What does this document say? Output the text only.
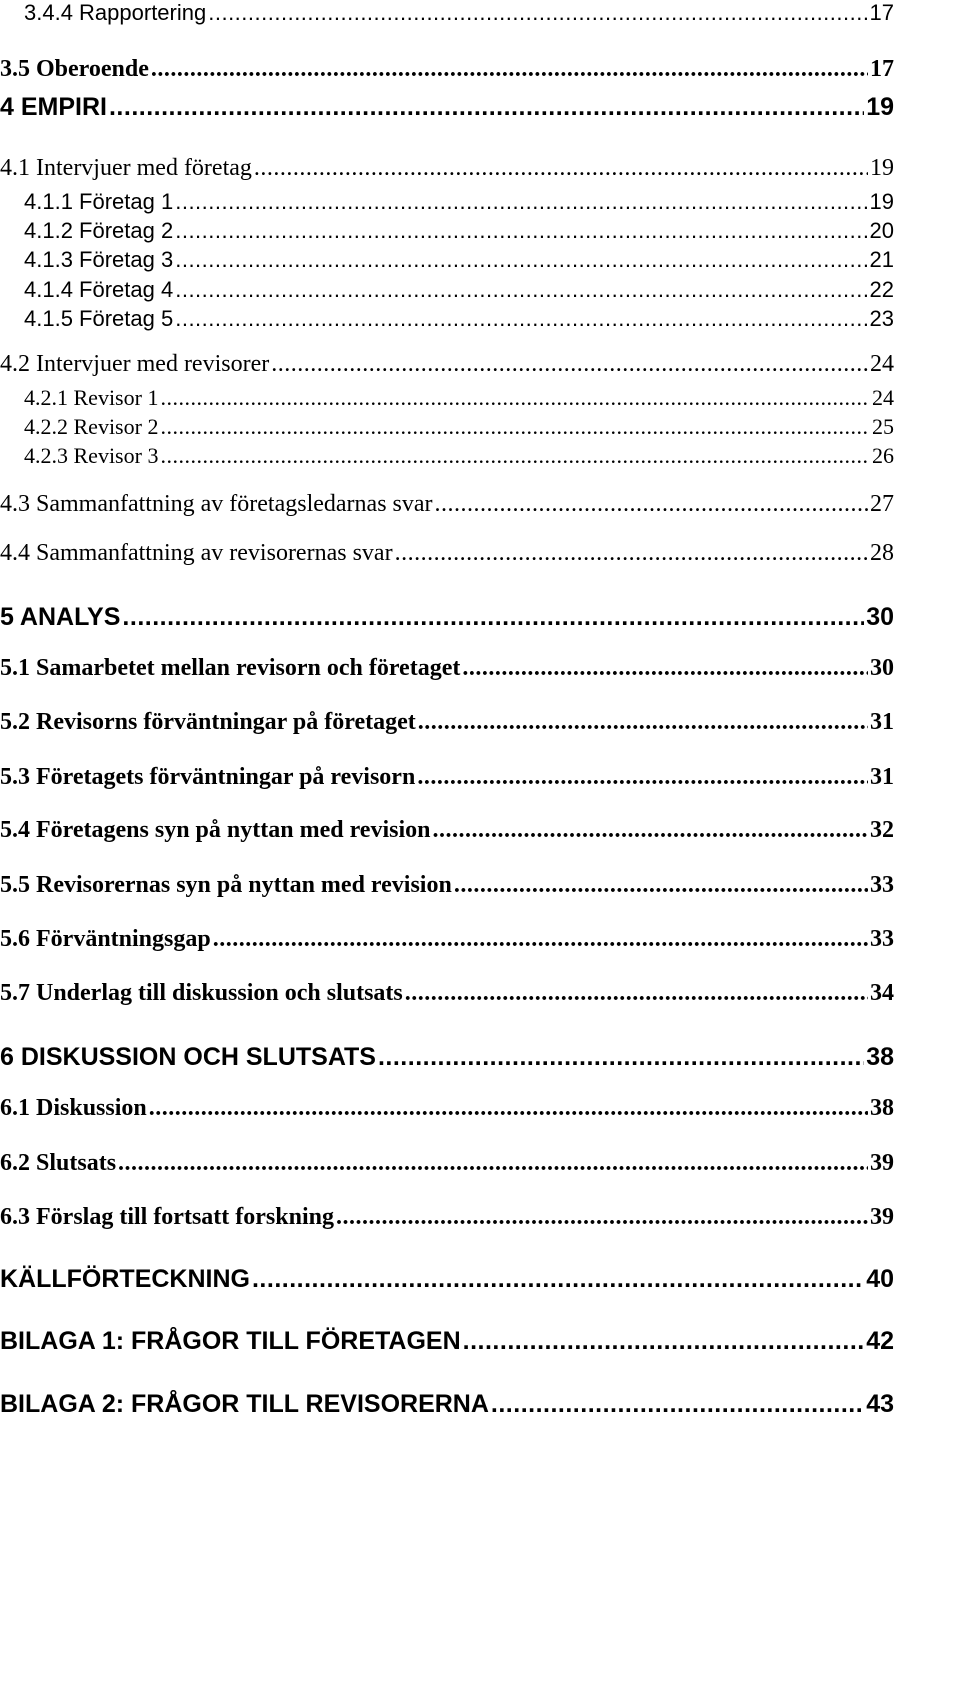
3.4.4 Rapportering .....	17
3.5 Oberoende .....	17
4 EMPIRI .....	19
4.1 Intervjuer med företag .....	19
4.1.1 Företag 1 .....	19
4.1.2 Företag 2 .....	20
4.1.3 Företag 3 .....	21
4.1.4 Företag 4 .....	22
4.1.5 Företag 5 .....	23
4.2 Intervjuer med revisorer .....	24
4.2.1 Revisor 1 .....	24
4.2.2 Revisor 2 .....	25
4.2.3 Revisor 3 .....	26
4.3 Sammanfattning av företagsledarnas svar .....	27
4.4 Sammanfattning av revisorernas svar .....	28
5 ANALYS .....	30
5.1 Samarbetet mellan revisorn och företaget .....	30
5.2 Revisorns förväntningar på företaget .....	31
5.3 Företagets förväntningar på revisorn .....	31
5.4 Företagens syn på nyttan med revision .....	32
5.5 Revisorernas syn på nyttan med revision .....	33
5.6 Förväntningsgap .....	33
5.7 Underlag till diskussion och slutsats .....	34
6 DISKUSSION OCH SLUTSATS .....	38
6.1 Diskussion .....	38
6.2 Slutsats .....	39
6.3 Förslag till fortsatt forskning .....	39
KÄLLFÖRTECKNING .....	40
BILAGA 1: FRÅGOR TILL FÖRETAGEN .....	42
BILAGA 2: FRÅGOR TILL REVISORERNA .....	43
